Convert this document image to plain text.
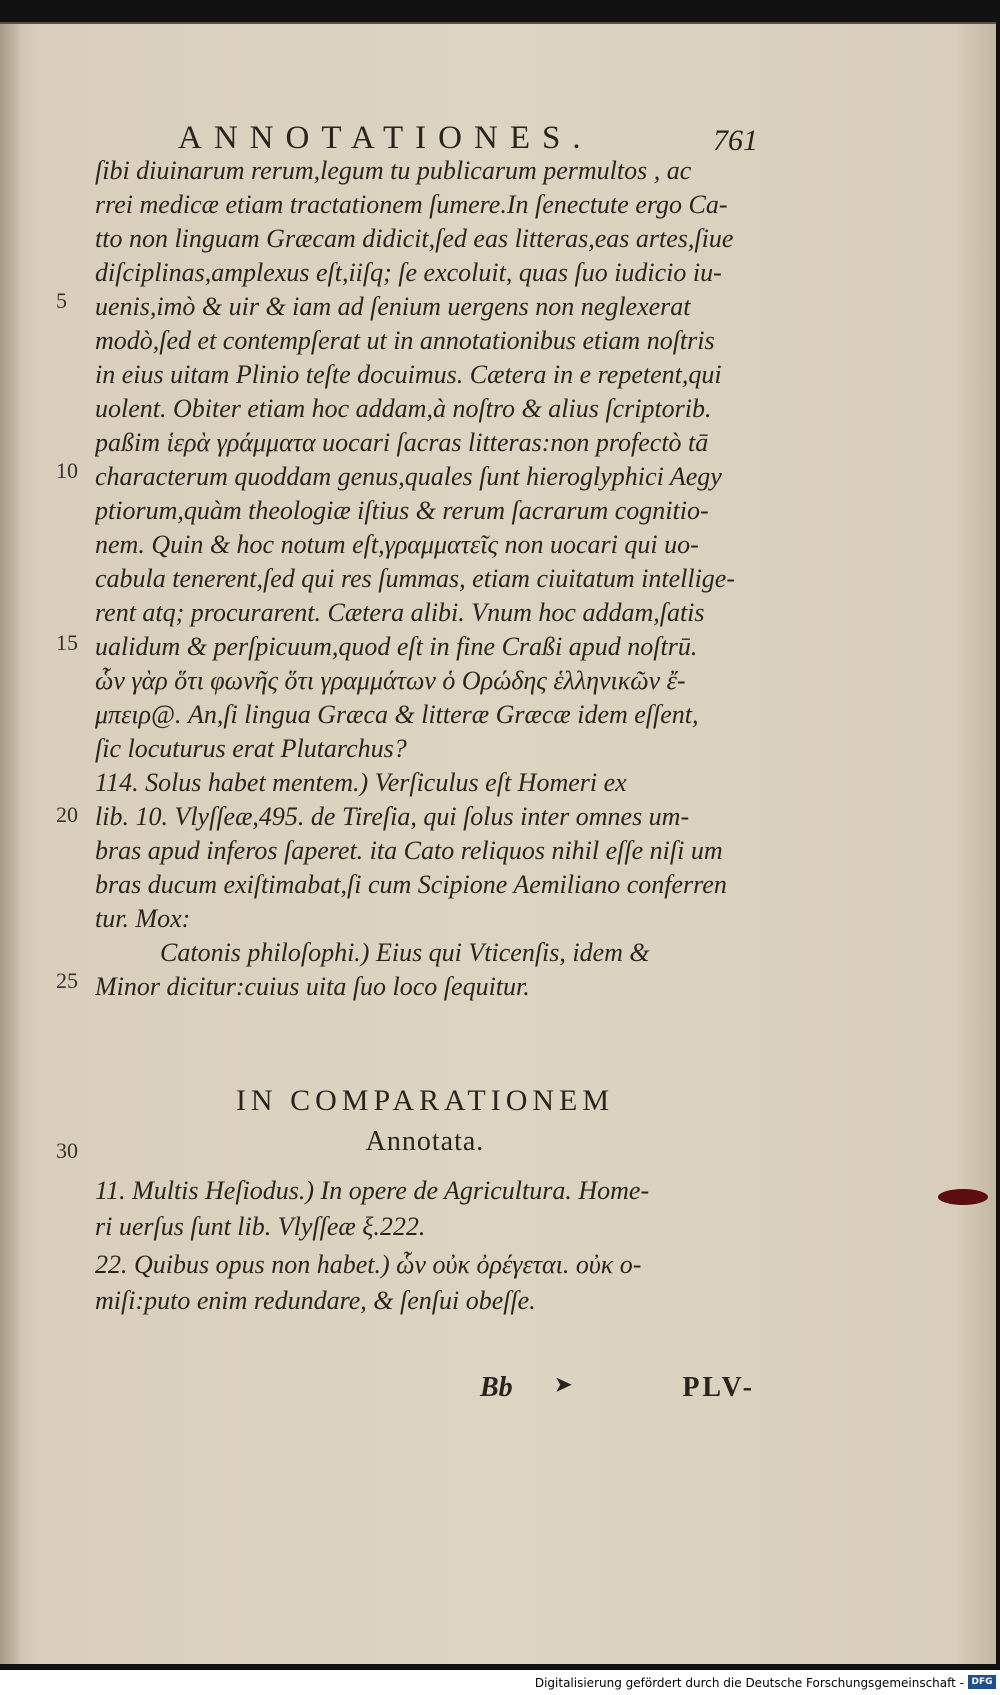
ANNOTATIONES.	761
ſibi diuinarum rerum,legum tu publicarum permultos , ac
rrei medicæ etiam tractationem ſumere.In ſenectute ergo Ca-
tto non linguam Græcam didicit,ſed eas litteras,eas artes,ſiue
diſciplinas,amplexus eſt,iiſq; ſe excoluit, quas ſuo iudicio iu-
uenis,imò & uir & iam ad ſenium uergens non neglexerat
modò,ſed et contempſerat ut in annotationibus etiam noſtris
in eius uitam Plinio teſte docuimus. Cætera in e repetent,qui
uolent. Obiter etiam hoc addam,à noſtro & alius ſcriptorib.
paßim ἱερὰ γράμματα uocari ſacras litteras:non profectò tā
characterum quoddam genus,quales ſunt hieroglyphici Aegy
ptiorum,quàm theologiæ iſtius & rerum ſacrarum cognitio-
nem. Quin & hoc notum eſt,γραμματεῖς non uocari qui uo-
cabula tenerent,ſed qui res ſummas, etiam ciuitatum intellige-
rent atq; procurarent. Cætera alibi. Vnum hoc addam,ſatis
ualidum & perſpicuum,quod eſt in fine Craßi apud noſtrū.
ὧν γὰρ ὅτι φωνῆς ὅτι γραμμάτων ὁ Ορώδης ἑλληνικῶν ἔ-
μπειρ@. An,ſi lingua Græca & litteræ Græcæ idem eſſent,
ſic locuturus erat Plutarchus?
114. Solus habet mentem.) Verſiculus eſt Homeri ex
lib. 10. Vlyſſeæ,495. de Tireſia, qui ſolus inter omnes um-
bras apud inferos ſaperet. ita Cato reliquos nihil eſſe niſi um
bras ducum exiſtimabat,ſi cum Scipione Aemiliano conferren
tur. Mox:
Catonis philoſophi.) Eius qui Vticenſis, idem &
Minor dicitur:cuius uita ſuo loco ſequitur.
5
10
15
20
25
30
IN COMPARATIONEM
Annotata.
11. Multis Heſiodus.) In opere de Agricultura. Home-
ri uerſus ſunt lib. Vlyſſeæ ξ.222.
22. Quibus opus non habet.) ὧν οὐκ ὀρέγεται. οὐκ o-
miſi:puto enim redundare, & ſenſui obeſſe.
Bb ➤	PLV-
Digitalisierung gefördert durch die Deutsche Forschungsgemeinschaft - DFG
